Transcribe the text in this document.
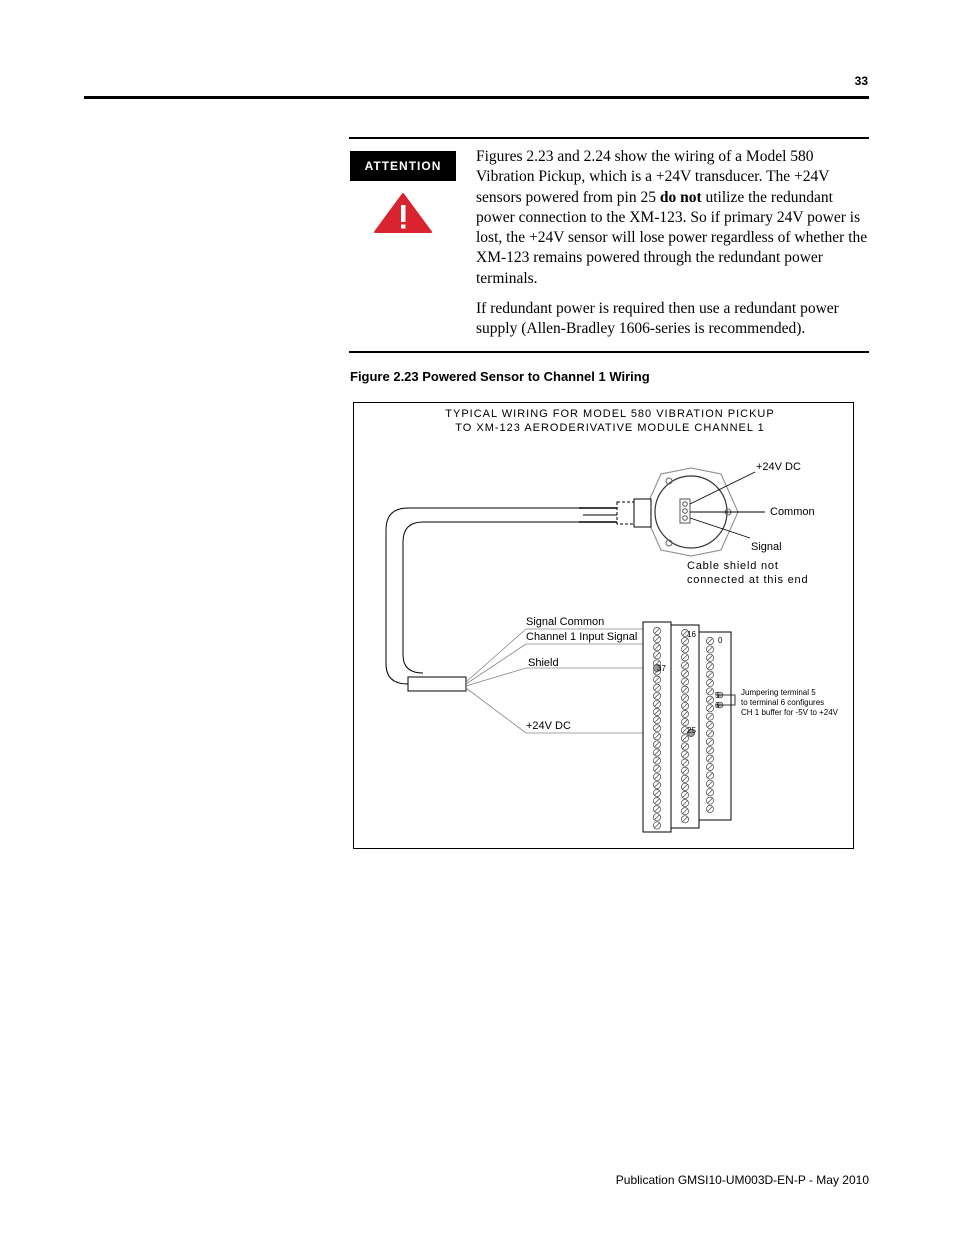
33
ATTENTION

Figures 2.23 and 2.24 show the wiring of a Model 580 Vibration Pickup, which is a +24V transducer. The +24V sensors powered from pin 25 do not utilize the redundant power connection to the XM-123. So if primary 24V power is lost, the +24V sensor will lose power regardless of whether the XM-123 remains powered through the redundant power terminals.

If redundant power is required then use a redundant power supply (Allen-Bradley 1606-series is recommended).

Figure 2.23 Powered Sensor to Channel 1 Wiring
TYPICAL WIRING FOR MODEL 580 VIBRATION PICKUP
TO XM-123 AERODERIVATIVE MODULE CHANNEL 1
+24V DC
Common
Signal
Cable shield not
connected at this end
Signal Common
Channel 1 Input Signal
Shield
+24V DC
16
37
25
0
5
6
Jumpering terminal 5
to terminal 6 configures
CH 1 buffer for -5V to +24V
Publication GMSI10-UM003D-EN-P - May 2010
